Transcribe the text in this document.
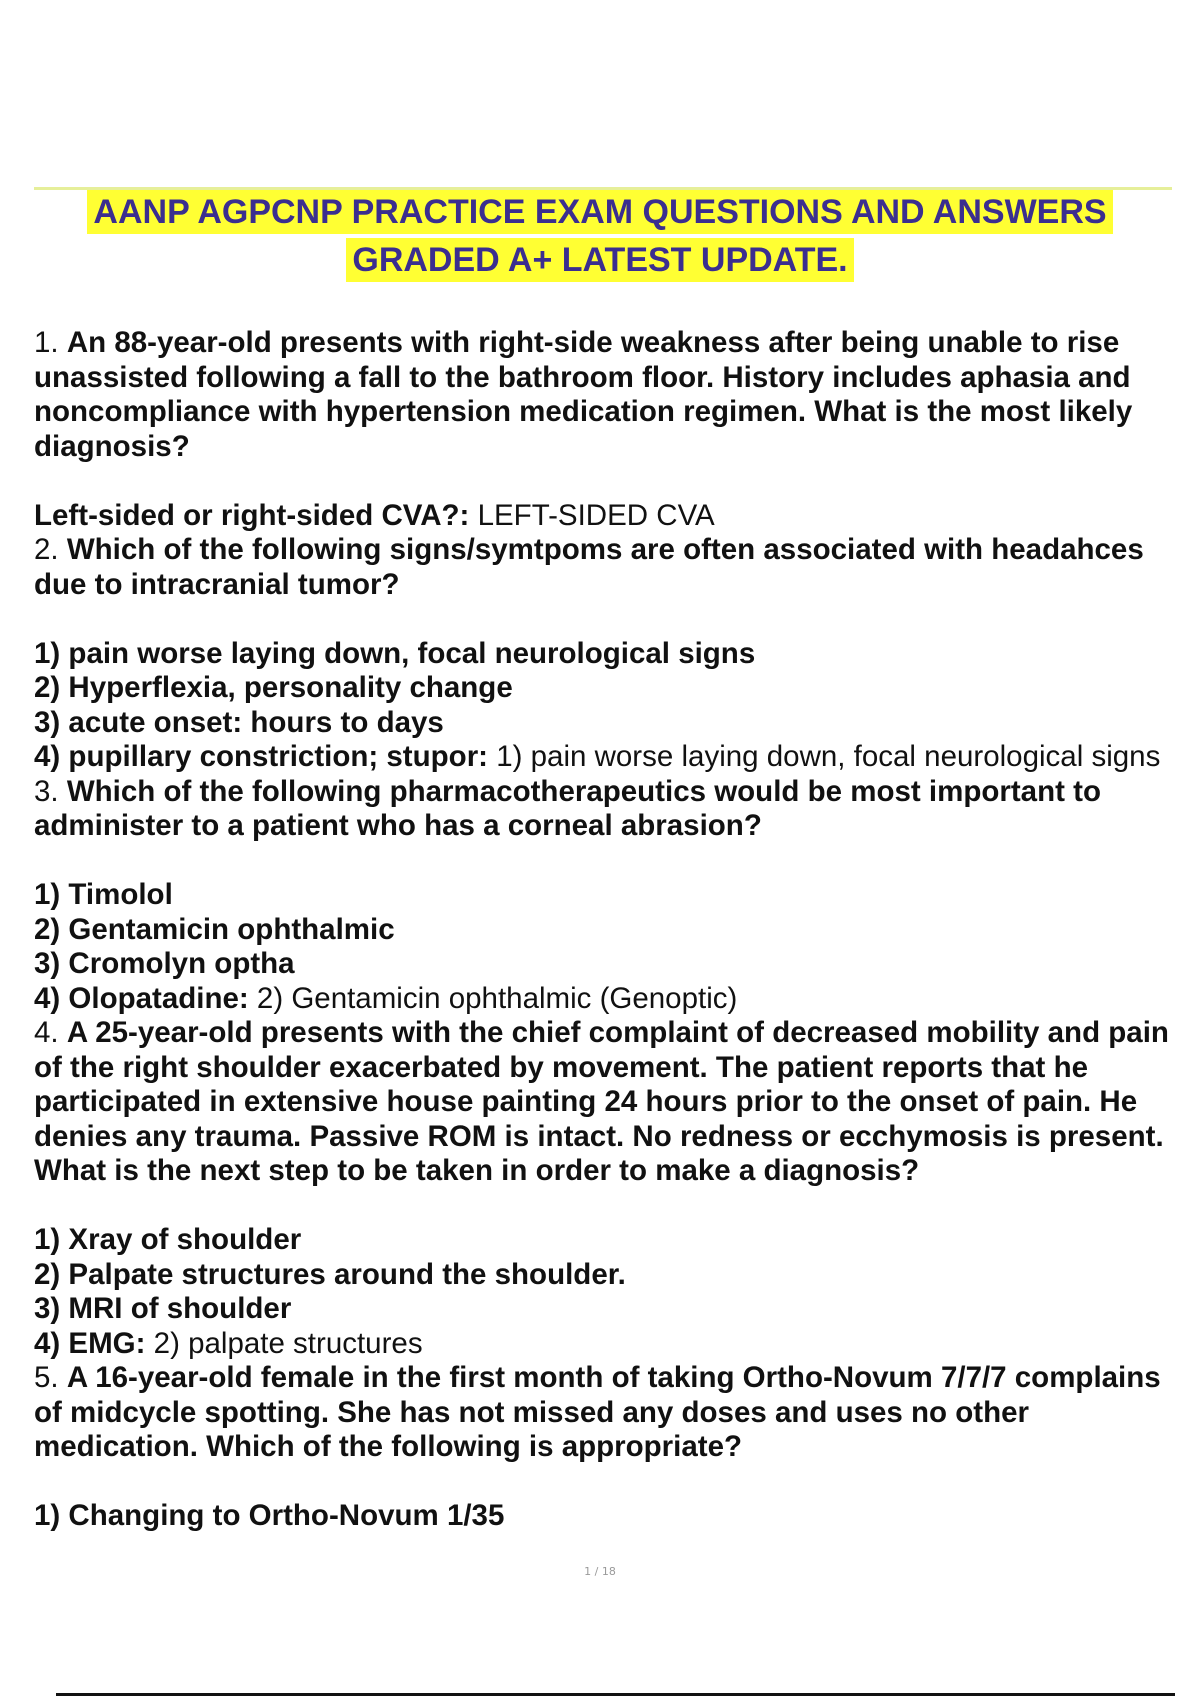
AANP AGPCNP PRACTICE EXAM QUESTIONS AND ANSWERS
GRADED A+ LATEST UPDATE.

1. An 88-year-old presents with right-side weakness after being unable to rise unassisted following a fall to the bathroom floor. History includes aphasia and noncompliance with hypertension medication regimen. What is the most likely diagnosis?

Left-sided or right-sided CVA?: LEFT-SIDED CVA

2. Which of the following signs/symtpoms are often associated with headahces due to intracranial tumor?

1) pain worse laying down, focal neurological signs

2) Hyperflexia, personality change

3) acute onset: hours to days

4) pupillary constriction; stupor: 1) pain worse laying down, focal neurological signs

3. Which of the following pharmacotherapeutics would be most important to administer to a patient who has a corneal abrasion?

1) Timolol

2) Gentamicin ophthalmic

3) Cromolyn optha

4) Olopatadine: 2) Gentamicin ophthalmic (Genoptic)

4. A 25-year-old presents with the chief complaint of decreased mobility and pain of the right shoulder exacerbated by movement. The patient reports that he participated in extensive house painting 24 hours prior to the onset of pain. He denies any trauma. Passive ROM is intact. No redness or ecchymosis is present. What is the next step to be taken in order to make a diagnosis?

1) Xray of shoulder

2) Palpate structures around the shoulder.

3) MRI of shoulder

4) EMG: 2) palpate structures

5. A 16-year-old female in the first month of taking Ortho-Novum 7/7/7 complains of midcycle spotting. She has not missed any doses and uses no other medication. Which of the following is appropriate?

1) Changing to Ortho-Novum 1/35

1 / 18
